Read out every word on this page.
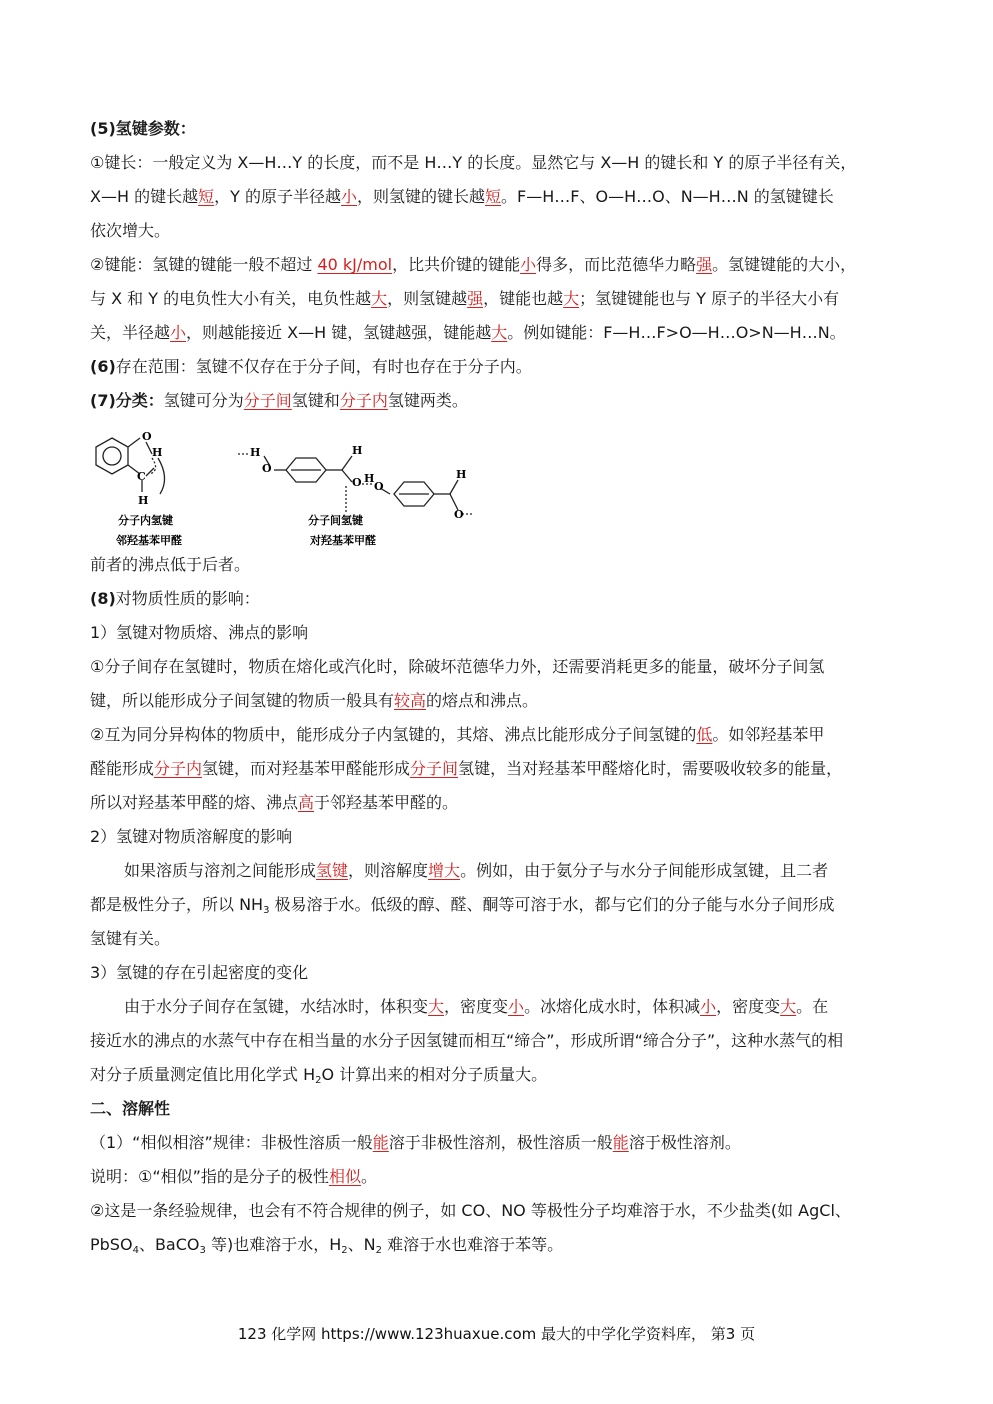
(5)氢键参数：

①键长：一般定义为 X—H…Y 的长度，而不是 H…Y 的长度。显然它与 X—H 的键长和 Y 的原子半径有关，

X—H 的键长越短，Y 的原子半径越小，则氢键的键长越短。F—H…F、O—H…O、N—H…N 的氢键键长

依次增大。

②键能：氢键的键能一般不超过 40 kJ/mol，比共价键的键能小得多，而比范德华力略强。氢键键能的大小，

与 X 和 Y 的电负性大小有关，电负性越大，则氢键越强，键能也越大；氢键键能也与 Y 原子的半径大小有

关，半径越小，则越能接近 X—H 键，氢键越强，键能越大。例如键能：F—H…F>O—H…O>N—H…N。

(6)存在范围：氢键不仅存在于分子间，有时也存在于分子内。

(7)分类：氢键可分为分子间氢键和分子内氢键两类。

O
H
C
H
分子内氢键
邻羟基苯甲醛
H
O
H
O H
O
H
O
分子间氢键
对羟基苯甲醛

前者的沸点低于后者。

(8)对物质性质的影响：

1）氢键对物质熔、沸点的影响

①分子间存在氢键时，物质在熔化或汽化时，除破坏范德华力外，还需要消耗更多的能量，破坏分子间氢

键，所以能形成分子间氢键的物质一般具有较高的熔点和沸点。

②互为同分异构体的物质中，能形成分子内氢键的，其熔、沸点比能形成分子间氢键的低。如邻羟基苯甲

醛能形成分子内氢键，而对羟基苯甲醛能形成分子间氢键，当对羟基苯甲醛熔化时，需要吸收较多的能量，

所以对羟基苯甲醛的熔、沸点高于邻羟基苯甲醛的。

2）氢键对物质溶解度的影响

如果溶质与溶剂之间能形成氢键，则溶解度增大。例如，由于氨分子与水分子间能形成氢键，且二者

都是极性分子，所以 $NH_3$ 极易溶于水。低级的醇、醛、酮等可溶于水，都与它们的分子能与水分子间形成

氢键有关。

3）氢键的存在引起密度的变化

由于水分子间存在氢键，水结冰时，体积变大，密度变小。冰熔化成水时，体积减小，密度变大。在

接近水的沸点的水蒸气中存在相当量的水分子因氢键而相互“缔合”，形成所谓“缔合分子”，这种水蒸气的相

对分子质量测定值比用化学式 $H_2O$ 计算出来的相对分子质量大。

二、溶解性

（1）“相似相溶”规律：非极性溶质一般能溶于非极性溶剂，极性溶质一般能溶于极性溶剂。

说明：①“相似”指的是分子的极性相似。

②这是一条经验规律，也会有不符合规律的例子，如 CO、NO 等极性分子均难溶于水，不少盐类(如 AgCl、

PbSO$_4$、BaCO$_3$ 等)也难溶于水，$H_2$、$N_2$ 难溶于水也难溶于苯等。

123 化学网 https://www.123huaxue.com 最大的中学化学资料库， 第3 页
